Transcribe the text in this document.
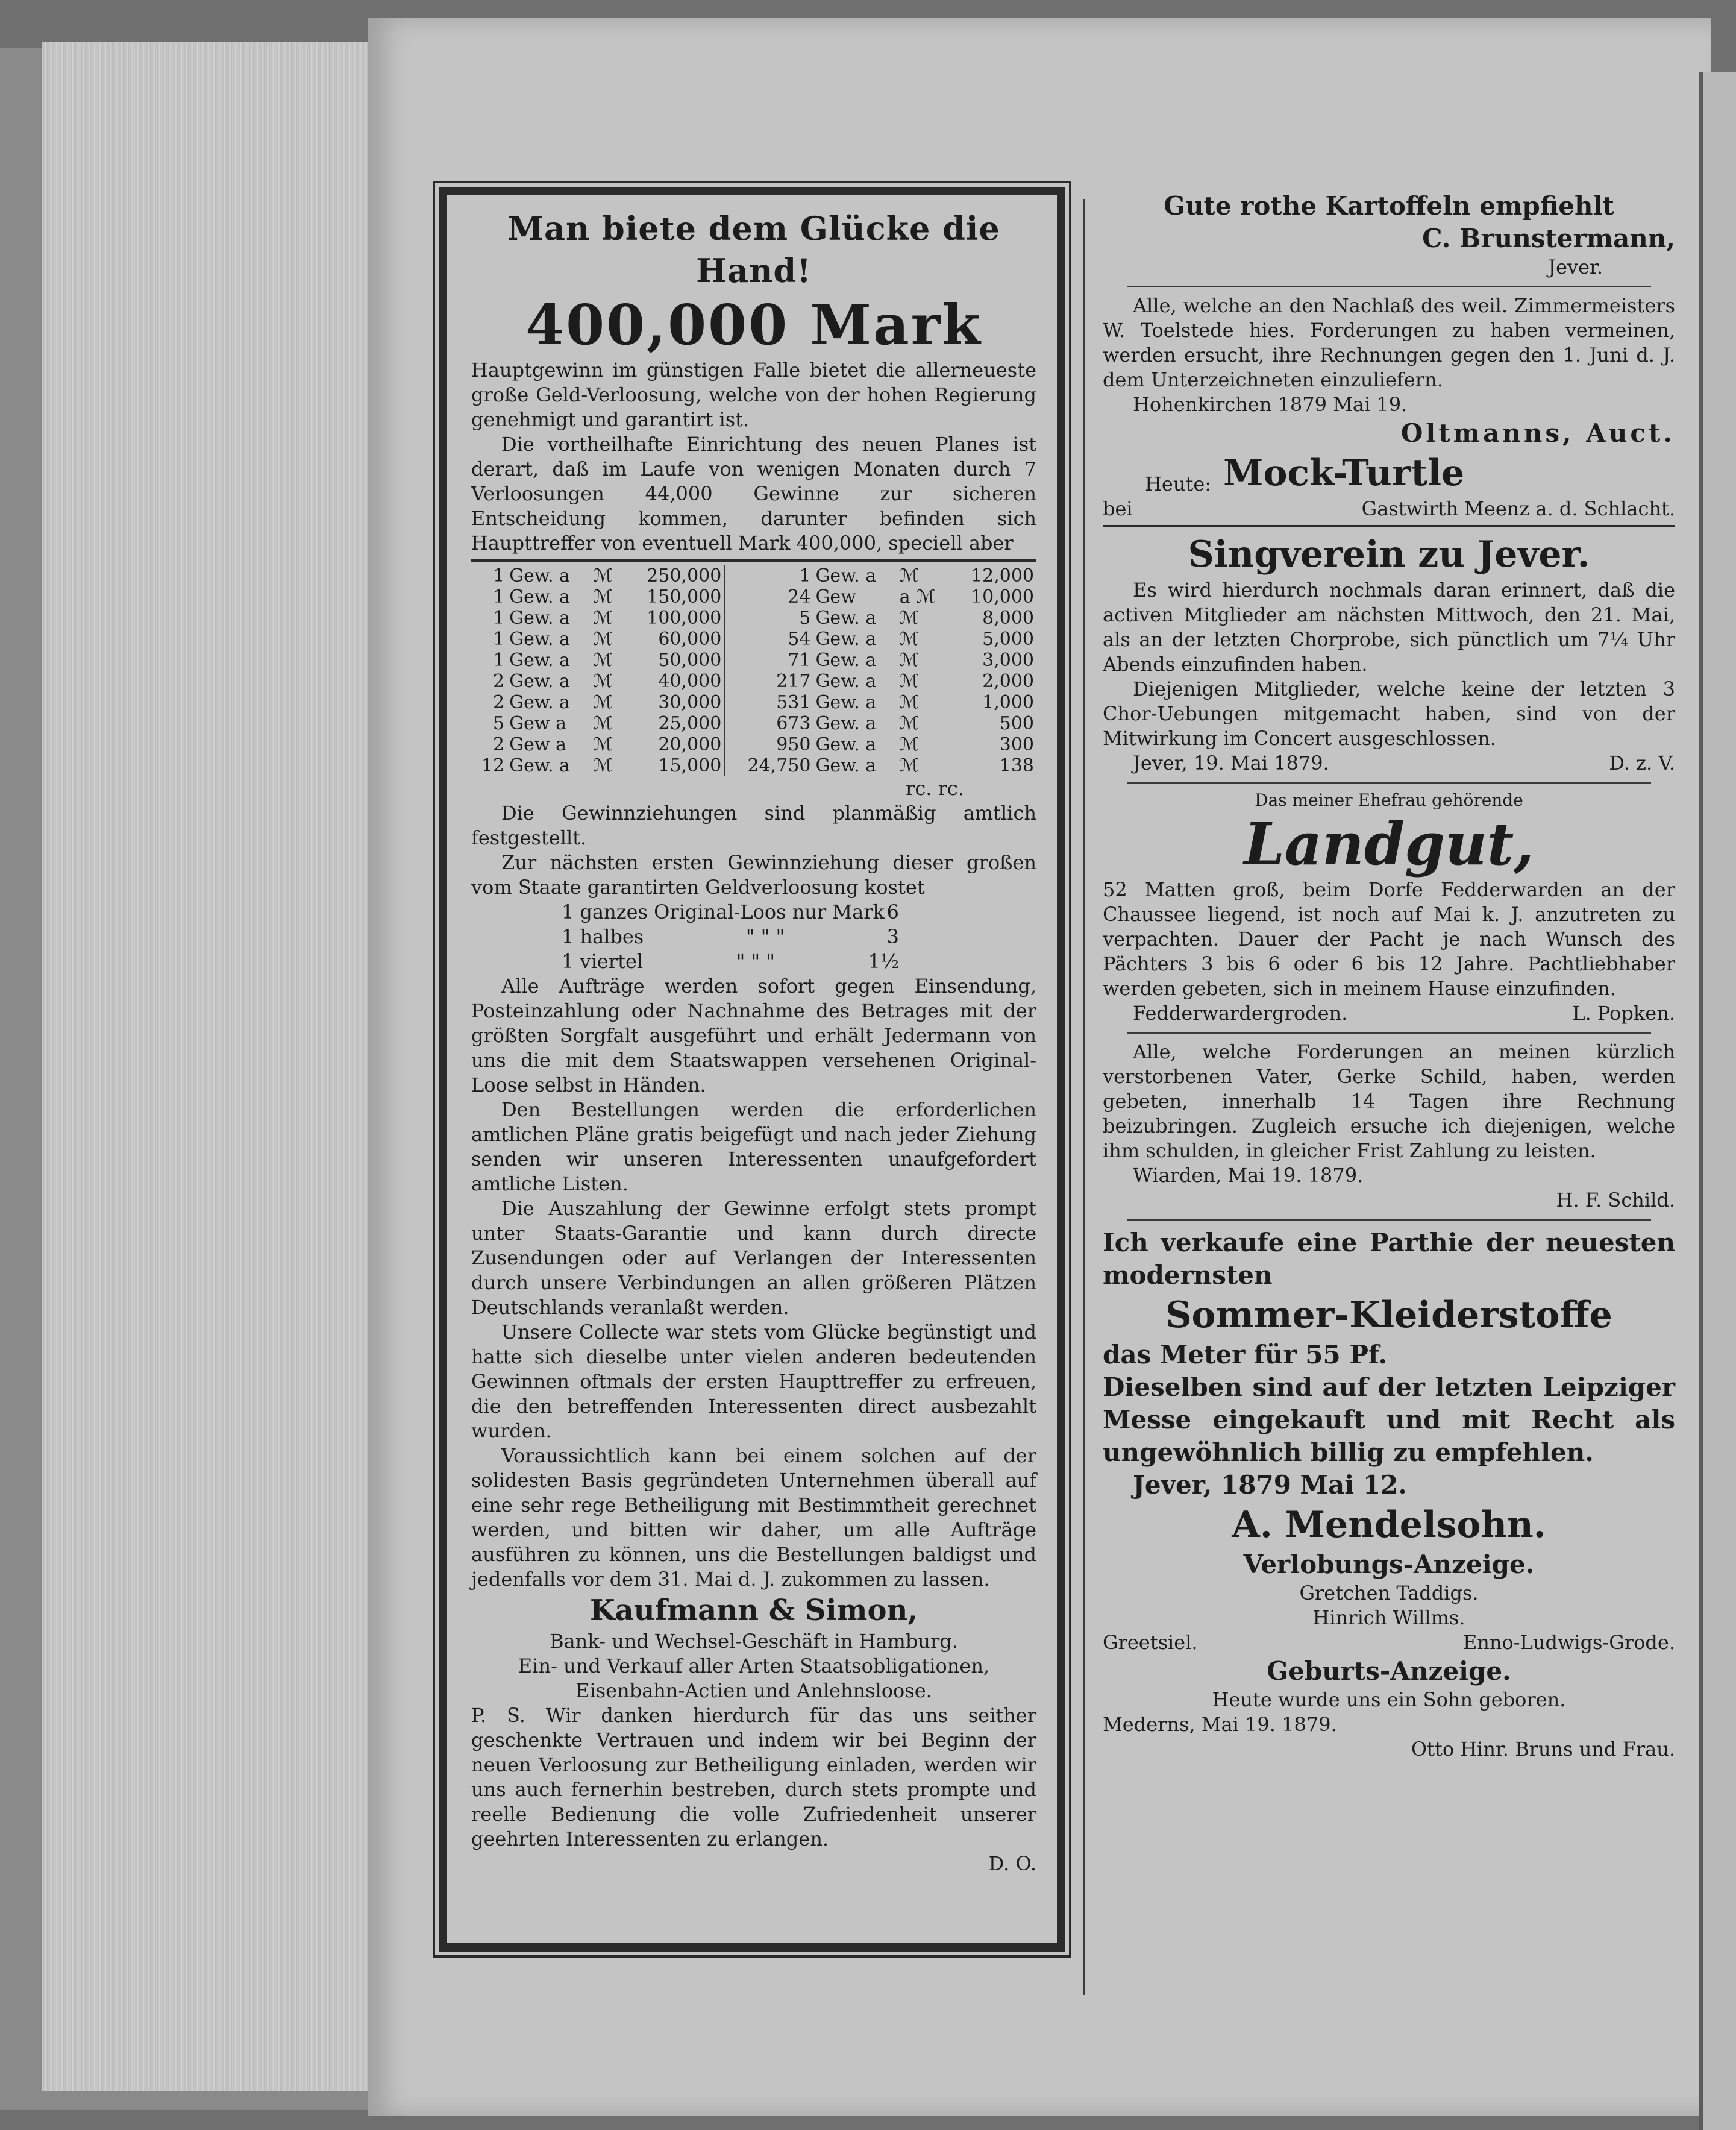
Man biete dem Glücke die Hand!
400,000 Mark
Hauptgewinn im günstigen Falle bietet die allerneueste große Geld-Verloosung, welche von der hohen Regierung genehmigt und garantirt ist.
Die vortheilhafte Einrichtung des neuen Planes ist derart, daß im Laufe von wenigen Monaten durch 7 Verloosungen 44,000 Gewinne zur sicheren Entscheidung kommen, darunter befinden sich Haupttreffer von eventuell Mark 400,000, speciell aber
1	Gew. a	ℳ	250,000	1	Gew. a	ℳ	12,000
1	Gew. a	ℳ	150,000	24	Gew	a ℳ	10,000
1	Gew. a	ℳ	100,000	5	Gew. a	ℳ	8,000
1	Gew. a	ℳ	60,000	54	Gew. a	ℳ	5,000
1	Gew. a	ℳ	50,000	71	Gew. a	ℳ	3,000
2	Gew. a	ℳ	40,000	217	Gew. a	ℳ	2,000
2	Gew. a	ℳ	30,000	531	Gew. a	ℳ	1,000
5	Gew a	ℳ	25,000	673	Gew. a	ℳ	500
2	Gew a	ℳ	20,000	950	Gew. a	ℳ	300
12	Gew. a	ℳ	15,000	24,750	Gew. a	ℳ	138
rc. rc.
Die Gewinnziehungen sind planmäßig amtlich festgestellt.
Zur nächsten ersten Gewinnziehung dieser großen vom Staate garantirten Geldverloosung kostet
1 ganzes Original-Loos nur Mark 6
1 halbes	" " "	3
1 viertel	" " "	1½
Alle Aufträge werden sofort gegen Einsendung, Posteinzahlung oder Nachnahme des Betrages mit der größten Sorgfalt ausgeführt und erhält Jedermann von uns die mit dem Staatswappen versehenen Original-Loose selbst in Händen.
Den Bestellungen werden die erforderlichen amtlichen Pläne gratis beigefügt und nach jeder Ziehung senden wir unseren Interessenten unaufgefordert amtliche Listen.
Die Auszahlung der Gewinne erfolgt stets prompt unter Staats-Garantie und kann durch directe Zusendungen oder auf Verlangen der Interessenten durch unsere Verbindungen an allen größeren Plätzen Deutschlands veranlaßt werden.
Unsere Collecte war stets vom Glücke begünstigt und hatte sich dieselbe unter vielen anderen bedeutenden Gewinnen oftmals der ersten Haupttreffer zu erfreuen, die den betreffenden Interessenten direct ausbezahlt wurden.
Voraussichtlich kann bei einem solchen auf der solidesten Basis gegründeten Unternehmen überall auf eine sehr rege Betheiligung mit Bestimmtheit gerechnet werden, und bitten wir daher, um alle Aufträge ausführen zu können, uns die Bestellungen baldigst und jedenfalls vor dem 31. Mai d. J. zukommen zu lassen.
Kaufmann & Simon,
Bank- und Wechsel-Geschäft in Hamburg.
Ein- und Verkauf aller Arten Staatsobligationen, Eisenbahn-Actien und Anlehnsloose.
P. S. Wir danken hierdurch für das uns seither geschenkte Vertrauen und indem wir bei Beginn der neuen Verloosung zur Betheiligung einladen, werden wir uns auch fernerhin bestreben, durch stets prompte und reelle Bedienung die volle Zufriedenheit unserer geehrten Interessenten zu erlangen.
D. O.
Gute rothe Kartoffeln empfiehlt
C. Brunstermann,
Jever.
Alle, welche an den Nachlaß des weil. Zimmermeisters W. Toelstede hies. Forderungen zu haben vermeinen, werden ersucht, ihre Rechnungen gegen den 1. Juni d. J. dem Unterzeichneten einzuliefern.
Hohenkirchen 1879 Mai 19.
Oltmanns, Auct.
Heute: Mock-Turtle
bei	Gastwirth Meenz a. d. Schlacht.
Singverein zu Jever.
Es wird hierdurch nochmals daran erinnert, daß die activen Mitglieder am nächsten Mittwoch, den 21. Mai, als an der letzten Chorprobe, sich pünctlich um 7¼ Uhr Abends einzufinden haben.
Diejenigen Mitglieder, welche keine der letzten 3 Chor-Uebungen mitgemacht haben, sind von der Mitwirkung im Concert ausgeschlossen.
Jever, 19. Mai 1879.	D. z. V.
Das meiner Ehefrau gehörende
Landgut,
52 Matten groß, beim Dorfe Fedderwarden an der Chaussee liegend, ist noch auf Mai k. J. anzutreten zu verpachten. Dauer der Pacht je nach Wunsch des Pächters 3 bis 6 oder 6 bis 12 Jahre. Pachtliebhaber werden gebeten, sich in meinem Hause einzufinden.
Fedderwardergroden.	L. Popken.
Alle, welche Forderungen an meinen kürzlich verstorbenen Vater, Gerke Schild, haben, werden gebeten, innerhalb 14 Tagen ihre Rechnung beizubringen. Zugleich ersuche ich diejenigen, welche ihm schulden, in gleicher Frist Zahlung zu leisten.
Wiarden, Mai 19. 1879.
H. F. Schild.
Ich verkaufe eine Parthie der neuesten modernsten
Sommer-Kleiderstoffe
das Meter für 55 Pf.
Dieselben sind auf der letzten Leipziger Messe eingekauft und mit Recht als ungewöhnlich billig zu empfehlen.
Jever, 1879 Mai 12.
A. Mendelsohn.
Verlobungs-Anzeige.
Gretchen Taddigs.
Hinrich Willms.
Greetsiel.	Enno-Ludwigs-Grode.
Geburts-Anzeige.
Heute wurde uns ein Sohn geboren.
Mederns, Mai 19. 1879.
Otto Hinr. Bruns und Frau.
